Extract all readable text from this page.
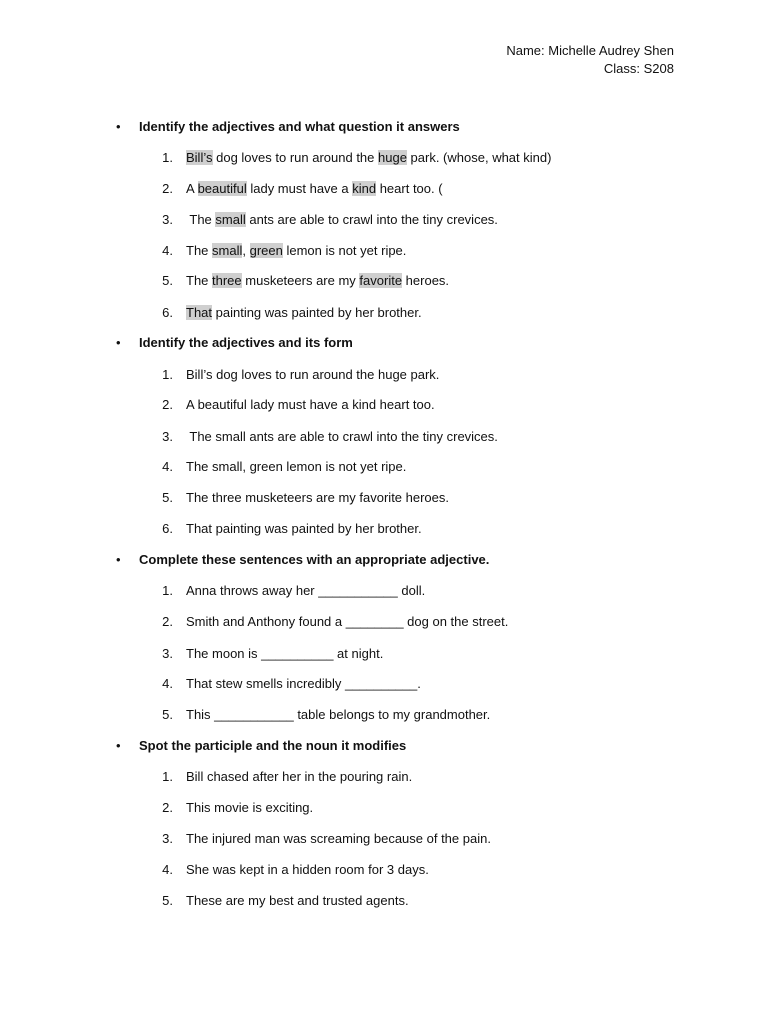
Name: Michelle Audrey Shen
Class: S208
• Identify the adjectives and what question it answers
1. Bill’s dog loves to run around the huge park. (whose, what kind)
2. A beautiful lady must have a kind heart too. (
3. The small ants are able to crawl into the tiny crevices.
4. The small, green lemon is not yet ripe.
5. The three musketeers are my favorite heroes.
6. That painting was painted by her brother.
• Identify the adjectives and its form
1. Bill’s dog loves to run around the huge park.
2. A beautiful lady must have a kind heart too.
3. The small ants are able to crawl into the tiny crevices.
4. The small, green lemon is not yet ripe.
5. The three musketeers are my favorite heroes.
6. That painting was painted by her brother.
• Complete these sentences with an appropriate adjective.
1. Anna throws away her ___________ doll.
2. Smith and Anthony found a ________ dog on the street.
3. The moon is __________ at night.
4. That stew smells incredibly __________.
5. This ___________ table belongs to my grandmother.
• Spot the participle and the noun it modifies
1. Bill chased after her in the pouring rain.
2. This movie is exciting.
3. The injured man was screaming because of the pain.
4. She was kept in a hidden room for 3 days.
5. These are my best and trusted agents.
